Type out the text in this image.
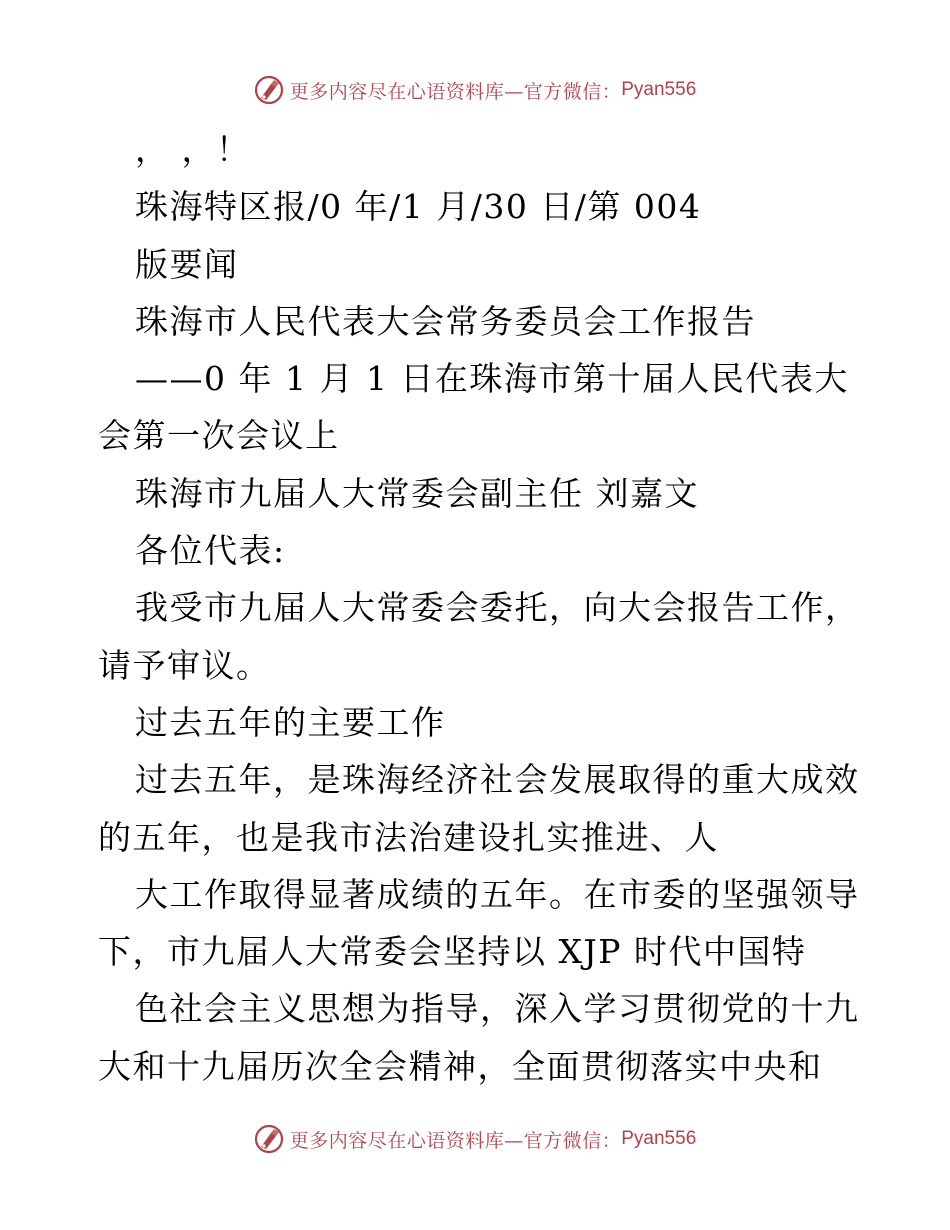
更多内容尽在心语资料库—官方微信： Pyan556
， ，！
珠海特区报/0 年/1 月/30 日/第 004
版要闻
珠海市人民代表大会常务委员会工作报告
——0 年 1 月 1 日在珠海市第十届人民代表大
会第一次会议上
珠海市九届人大常委会副主任 刘嘉文
各位代表:
我受市九届人大常委会委托，向大会报告工作，
请予审议。
过去五年的主要工作
过去五年，是珠海经济社会发展取得的重大成效
的五年，也是我市法治建设扎实推进、人
大工作取得显著成绩的五年。在市委的坚强领导
下，市九届人大常委会坚持以 XJP 时代中国特
色社会主义思想为指导，深入学习贯彻党的十九
大和十九届历次全会精神，全面贯彻落实中央和
更多内容尽在心语资料库—官方微信： Pyan556
